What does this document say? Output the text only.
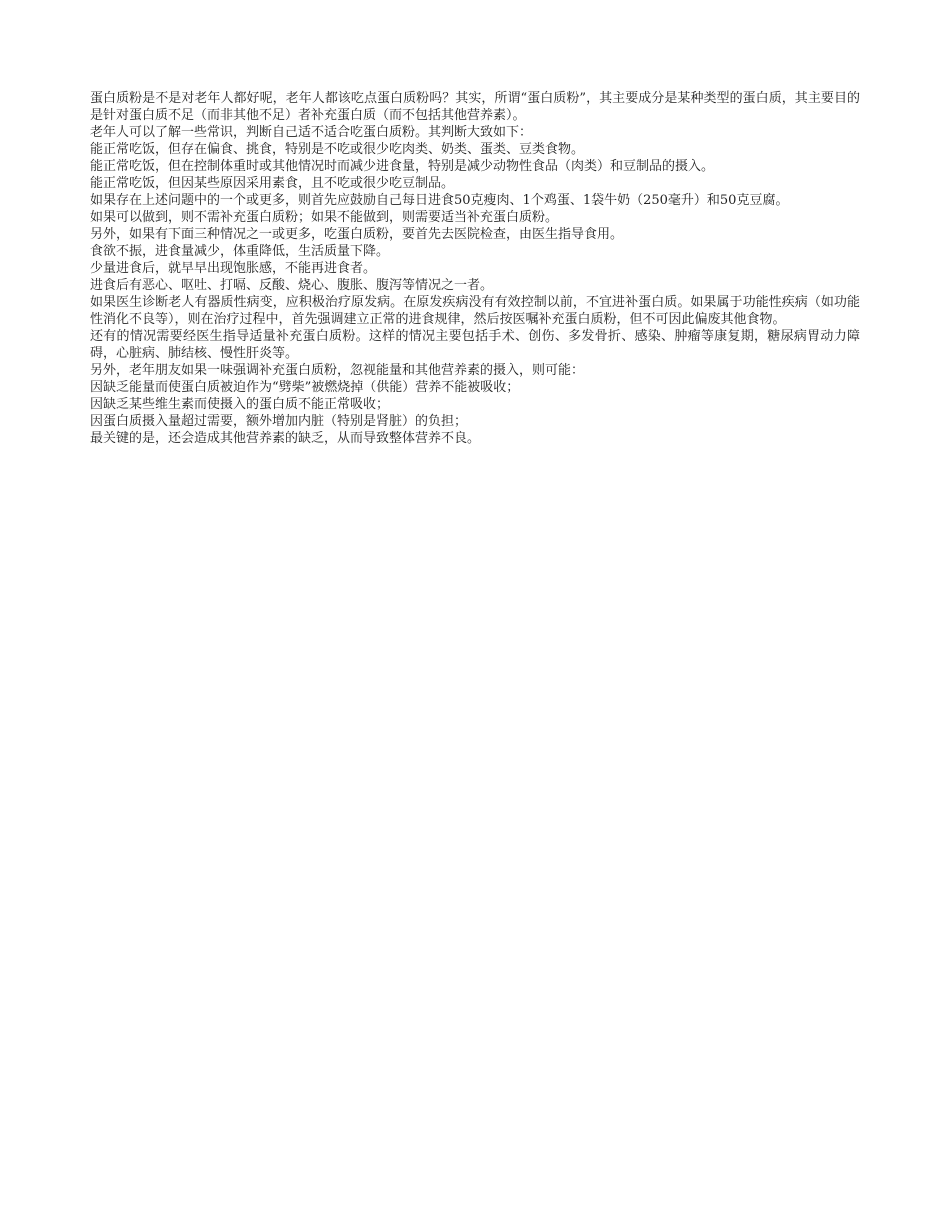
蛋白质粉是不是对老年人都好呢，老年人都该吃点蛋白质粉吗？其实，所谓“蛋白质粉”，其主要成分是某种类型的蛋白质，其主要目的是针对蛋白质不足（而非其他不足）者补充蛋白质（而不包括其他营养素）。

老年人可以了解一些常识，判断自己适不适合吃蛋白质粉。其判断大致如下：

能正常吃饭，但存在偏食、挑食，特别是不吃或很少吃肉类、奶类、蛋类、豆类食物。

能正常吃饭，但在控制体重时或其他情况时而减少进食量，特别是减少动物性食品（肉类）和豆制品的摄入。

能正常吃饭，但因某些原因采用素食，且不吃或很少吃豆制品。

如果存在上述问题中的一个或更多，则首先应鼓励自己每日进食50克瘦肉、1个鸡蛋、1袋牛奶（250毫升）和50克豆腐。

如果可以做到，则不需补充蛋白质粉；如果不能做到，则需要适当补充蛋白质粉。

另外，如果有下面三种情况之一或更多，吃蛋白质粉，要首先去医院检查，由医生指导食用。

食欲不振，进食量减少，体重降低，生活质量下降。

少量进食后，就早早出现饱胀感，不能再进食者。

进食后有恶心、呕吐、打嗝、反酸、烧心、腹胀、腹泻等情况之一者。

如果医生诊断老人有器质性病变，应积极治疗原发病。在原发疾病没有有效控制以前，不宜进补蛋白质。如果属于功能性疾病（如功能性消化不良等），则在治疗过程中，首先强调建立正常的进食规律，然后按医嘱补充蛋白质粉，但不可因此偏废其他食物。

还有的情况需要经医生指导适量补充蛋白质粉。这样的情况主要包括手术、创伤、多发骨折、感染、肿瘤等康复期，糖尿病胃动力障碍，心脏病、肺结核、慢性肝炎等。

另外，老年朋友如果一味强调补充蛋白质粉，忽视能量和其他营养素的摄入，则可能：

因缺乏能量而使蛋白质被迫作为“劈柴”被燃烧掉（供能）营养不能被吸收；

因缺乏某些维生素而使摄入的蛋白质不能正常吸收；

因蛋白质摄入量超过需要，额外增加内脏（特别是肾脏）的负担；

最关键的是，还会造成其他营养素的缺乏，从而导致整体营养不良。
